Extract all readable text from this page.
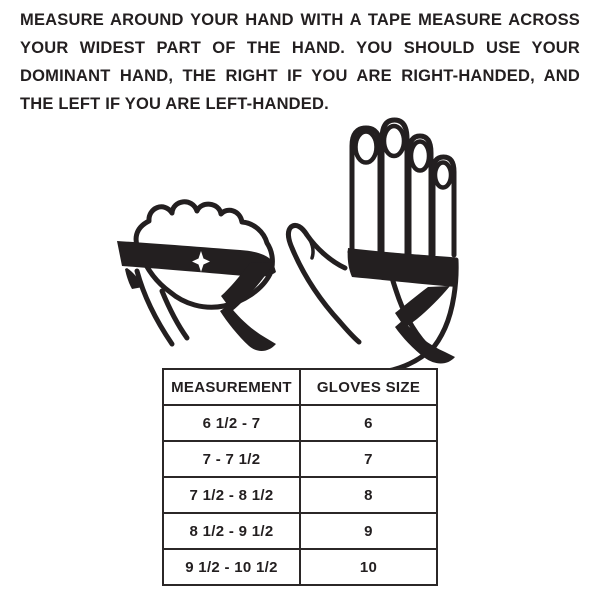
MEASURE AROUND YOUR HAND WITH A TAPE MEASURE ACROSS
YOUR WIDEST PART OF THE HAND. YOU SHOULD USE YOUR
DOMINANT HAND, THE RIGHT IF YOU ARE RIGHT-HANDED, AND
THE LEFT IF YOU ARE LEFT-HANDED.
MEASUREMENT	GLOVES SIZE
6 1/2 - 7	6
7 - 7 1/2	7
7 1/2 - 8 1/2	8
8 1/2 - 9 1/2	9
9 1/2 - 10 1/2	10
